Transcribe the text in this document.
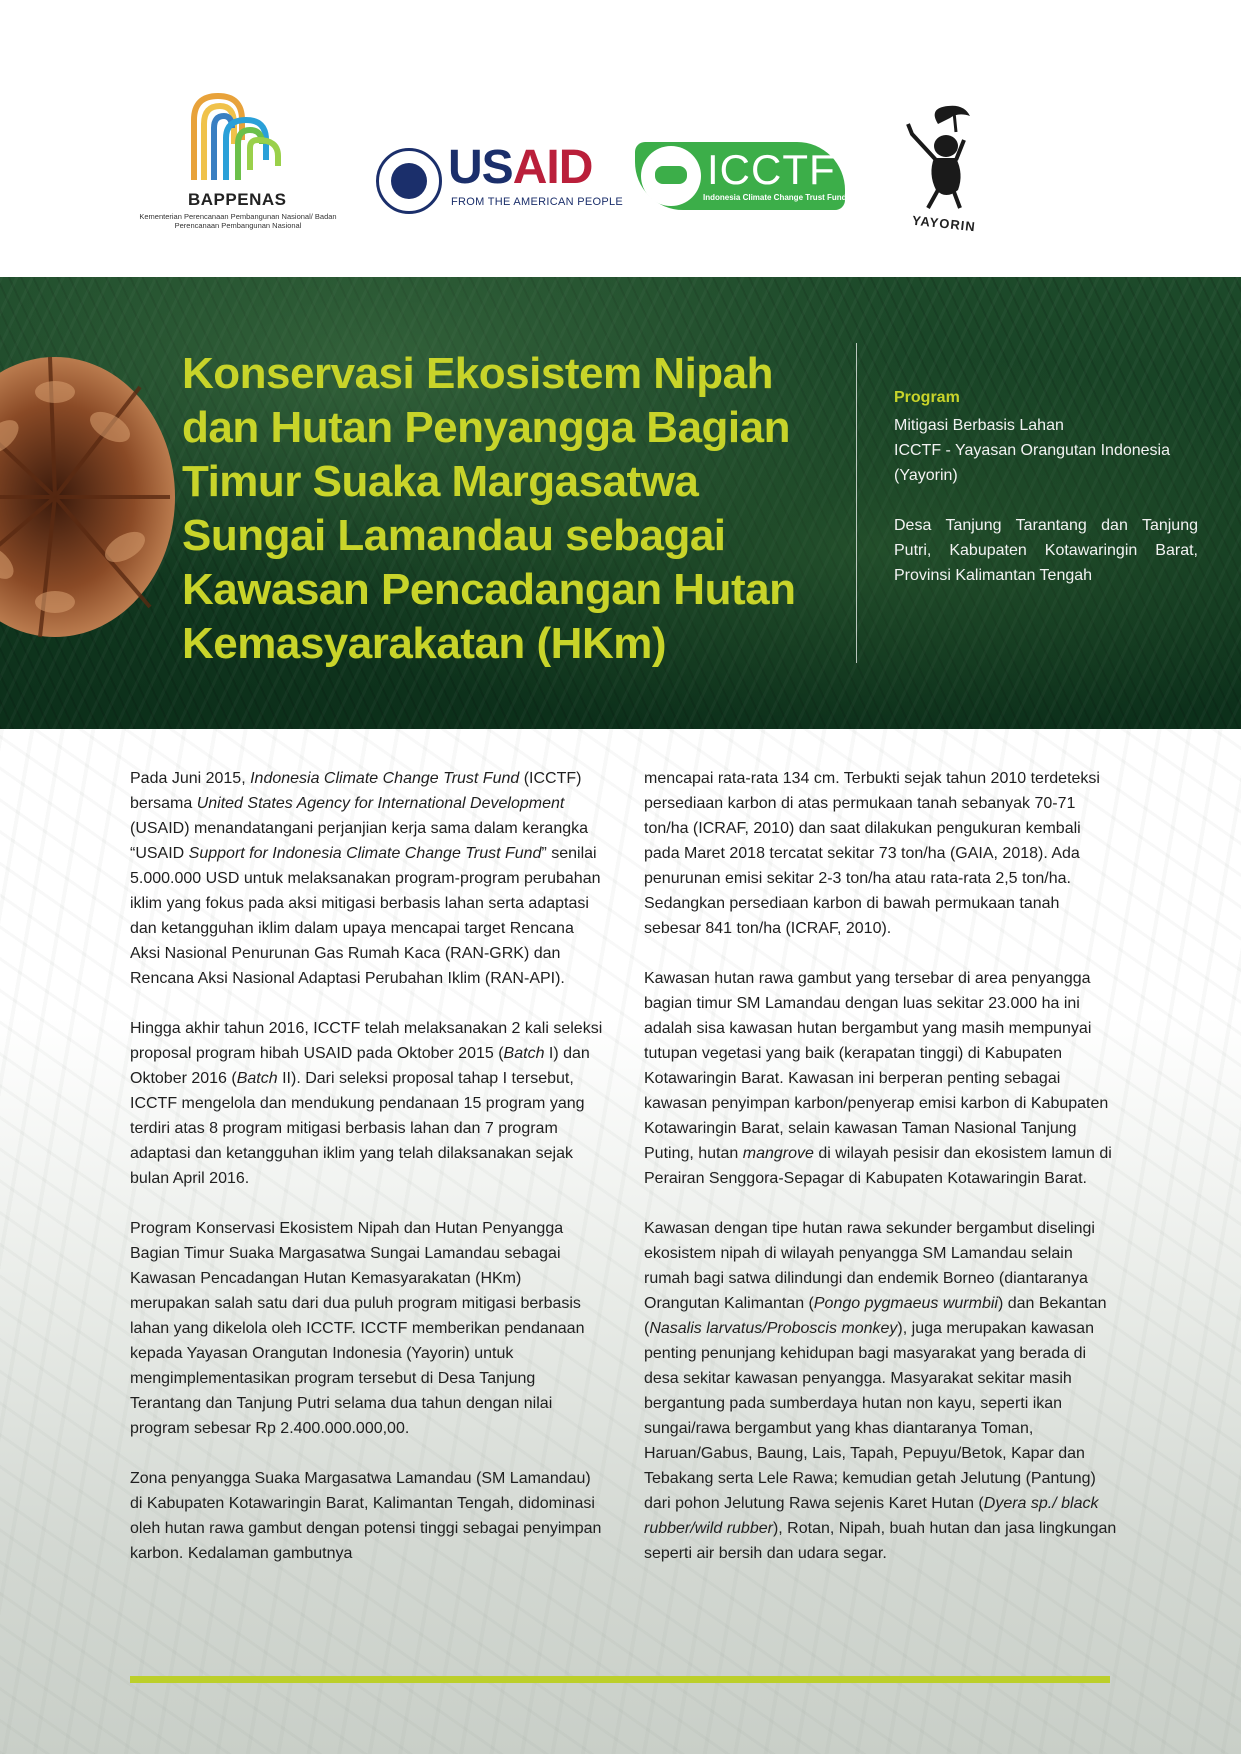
BAPPENAS
Kementerian Perencanaan Pembangunan Nasional/ Badan Perencanaan Pembangunan Nasional
USAID
FROM THE AMERICAN PEOPLE
ICCTF
Indonesia Climate Change Trust Fund
YAYORIN
Konservasi Ekosistem Nipah dan Hutan Penyangga Bagian Timur Suaka Margasatwa Sungai Lamandau sebagai Kawasan Pencadangan Hutan Kemasyarakatan (HKm)
Program
Mitigasi Berbasis Lahan
ICCTF - Yayasan Orangutan Indonesia (Yayorin)
Desa Tanjung Tarantang dan Tanjung Putri, Kabupaten Kotawaringin Barat, Provinsi Kalimantan Tengah

Pada Juni 2015, Indonesia Climate Change Trust Fund (ICCTF) bersama United States Agency for International Development (USAID) menandatangani perjanjian kerja sama dalam kerangka “USAID Support for Indonesia Climate Change Trust Fund” senilai 5.000.000 USD untuk melaksanakan program-program perubahan iklim yang fokus pada aksi mitigasi berbasis lahan serta adaptasi dan ketangguhan iklim dalam upaya mencapai target Rencana Aksi Nasional Penurunan Gas Rumah Kaca (RAN-GRK) dan Rencana Aksi Nasional Adaptasi Perubahan Iklim (RAN-API).

Hingga akhir tahun 2016, ICCTF telah melaksanakan 2 kali seleksi proposal program hibah USAID pada Oktober 2015 (Batch I) dan Oktober 2016 (Batch II). Dari seleksi proposal tahap I tersebut, ICCTF mengelola dan mendukung pendanaan 15 program yang terdiri atas 8 program mitigasi berbasis lahan dan 7 program adaptasi dan ketangguhan iklim yang telah dilaksanakan sejak bulan April 2016.

Program Konservasi Ekosistem Nipah dan Hutan Penyangga Bagian Timur Suaka Margasatwa Sungai Lamandau sebagai Kawasan Pencadangan Hutan Kemasyarakatan (HKm) merupakan salah satu dari dua puluh program mitigasi berbasis lahan yang dikelola oleh ICCTF. ICCTF memberikan pendanaan kepada Yayasan Orangutan Indonesia (Yayorin) untuk mengimplementasikan program tersebut di Desa Tanjung Terantang dan Tanjung Putri selama dua tahun dengan nilai program sebesar Rp 2.400.000.000,00.

Zona penyangga Suaka Margasatwa Lamandau (SM Lamandau) di Kabupaten Kotawaringin Barat, Kalimantan Tengah, didominasi oleh hutan rawa gambut dengan potensi tinggi sebagai penyimpan karbon. Kedalaman gambutnya

mencapai rata-rata 134 cm. Terbukti sejak tahun 2010 terdeteksi persediaan karbon di atas permukaan tanah sebanyak 70-71 ton/ha (ICRAF, 2010) dan saat dilakukan pengukuran kembali pada Maret 2018 tercatat sekitar 73 ton/ha (GAIA, 2018). Ada penurunan emisi sekitar 2-3 ton/ha atau rata-rata 2,5 ton/ha. Sedangkan persediaan karbon di bawah permukaan tanah sebesar 841 ton/ha (ICRAF, 2010).

Kawasan hutan rawa gambut yang tersebar di area penyangga bagian timur SM Lamandau dengan luas sekitar 23.000 ha ini adalah sisa kawasan hutan bergambut yang masih mempunyai tutupan vegetasi yang baik (kerapatan tinggi) di Kabupaten Kotawaringin Barat. Kawasan ini berperan penting sebagai kawasan penyimpan karbon/penyerap emisi karbon di Kabupaten Kotawaringin Barat, selain kawasan Taman Nasional Tanjung Puting, hutan mangrove di wilayah pesisir dan ekosistem lamun di Perairan Senggora-Sepagar di Kabupaten Kotawaringin Barat.

Kawasan dengan tipe hutan rawa sekunder bergambut diselingi ekosistem nipah di wilayah penyangga SM Lamandau selain rumah bagi satwa dilindungi dan endemik Borneo (diantaranya Orangutan Kalimantan (Pongo pygmaeus wurmbii) dan Bekantan (Nasalis larvatus/Proboscis monkey), juga merupakan kawasan penting penunjang kehidupan bagi masyarakat yang berada di desa sekitar kawasan penyangga. Masyarakat sekitar masih bergantung pada sumberdaya hutan non kayu, seperti ikan sungai/rawa bergambut yang khas diantaranya Toman, Haruan/Gabus, Baung, Lais, Tapah, Pepuyu/Betok, Kapar dan Tebakang serta Lele Rawa; kemudian getah Jelutung (Pantung) dari pohon Jelutung Rawa sejenis Karet Hutan (Dyera sp./ black rubber/wild rubber), Rotan, Nipah, buah hutan dan jasa lingkungan seperti air bersih dan udara segar.
